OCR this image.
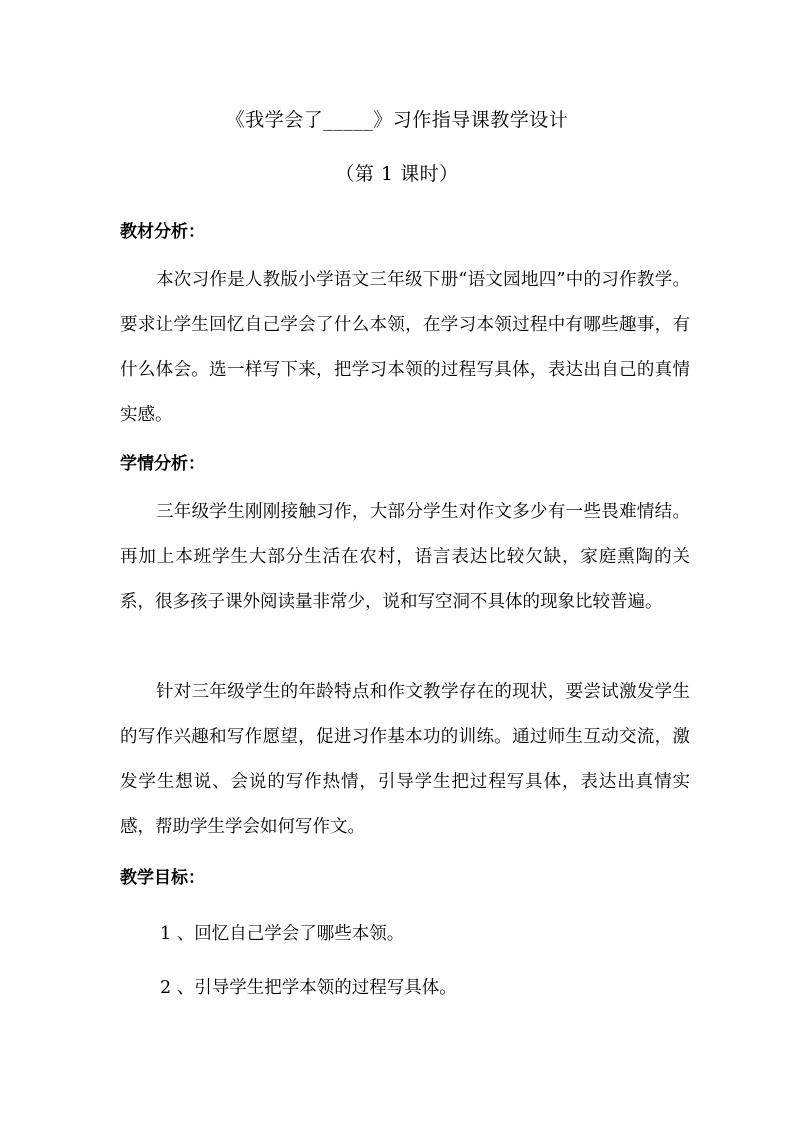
《我学会了_____》习作指导课教学设计
（第 1 课时）
教材分析：
本次习作是人教版小学语文三年级下册“语文园地四”中的习作教学。要求让学生回忆自己学会了什么本领，在学习本领过程中有哪些趣事，有什么体会。选一样写下来，把学习本领的过程写具体，表达出自己的真情实感。
学情分析：
三年级学生刚刚接触习作，大部分学生对作文多少有一些畏难情结。再加上本班学生大部分生活在农村，语言表达比较欠缺，家庭熏陶的关系，很多孩子课外阅读量非常少，说和写空洞不具体的现象比较普遍。
针对三年级学生的年龄特点和作文教学存在的现状，要尝试激发学生的写作兴趣和写作愿望，促进习作基本功的训练。通过师生互动交流，激发学生想说、会说的写作热情，引导学生把过程写具体，表达出真情实感，帮助学生学会如何写作文。
教学目标：
1 、回忆自己学会了哪些本领。
2 、引导学生把学本领的过程写具体。
